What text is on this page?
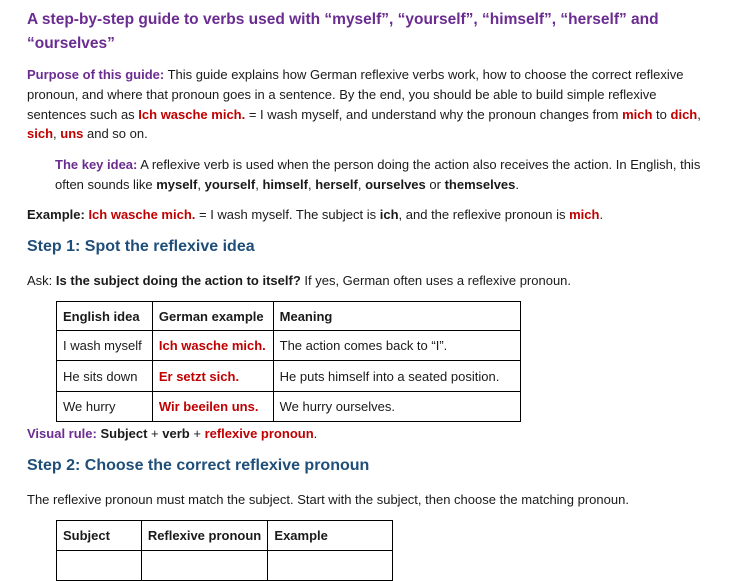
A step-by-step guide to verbs used with “myself”, “yourself”, “himself”, “herself” and “ourselves”

Purpose of this guide: This guide explains how German reflexive verbs work, how to choose the correct reflexive pronoun, and where that pronoun goes in a sentence. By the end, you should be able to build simple reflexive sentences such as Ich wasche mich. = I wash myself, and understand why the pronoun changes from mich to dich, sich, uns and so on.

The key idea: A reflexive verb is used when the person doing the action also receives the action. In English, this often sounds like myself, yourself, himself, herself, ourselves or themselves.

Example: Ich wasche mich. = I wash myself. The subject is ich, and the reflexive pronoun is mich.

Step 1: Spot the reflexive idea

Ask: Is the subject doing the action to itself? If yes, German often uses a reflexive pronoun.

English idea	German example	Meaning
I wash myself	Ich wasche mich.	The action comes back to “I”.
He sits down	Er setzt sich.	He puts himself into a seated position.
We hurry	Wir beeilen uns.	We hurry ourselves.

Visual rule: Subject + verb + reflexive pronoun.

Step 2: Choose the correct reflexive pronoun

The reflexive pronoun must match the subject. Start with the subject, then choose the matching pronoun.

Subject	Reflexive pronoun	Example
